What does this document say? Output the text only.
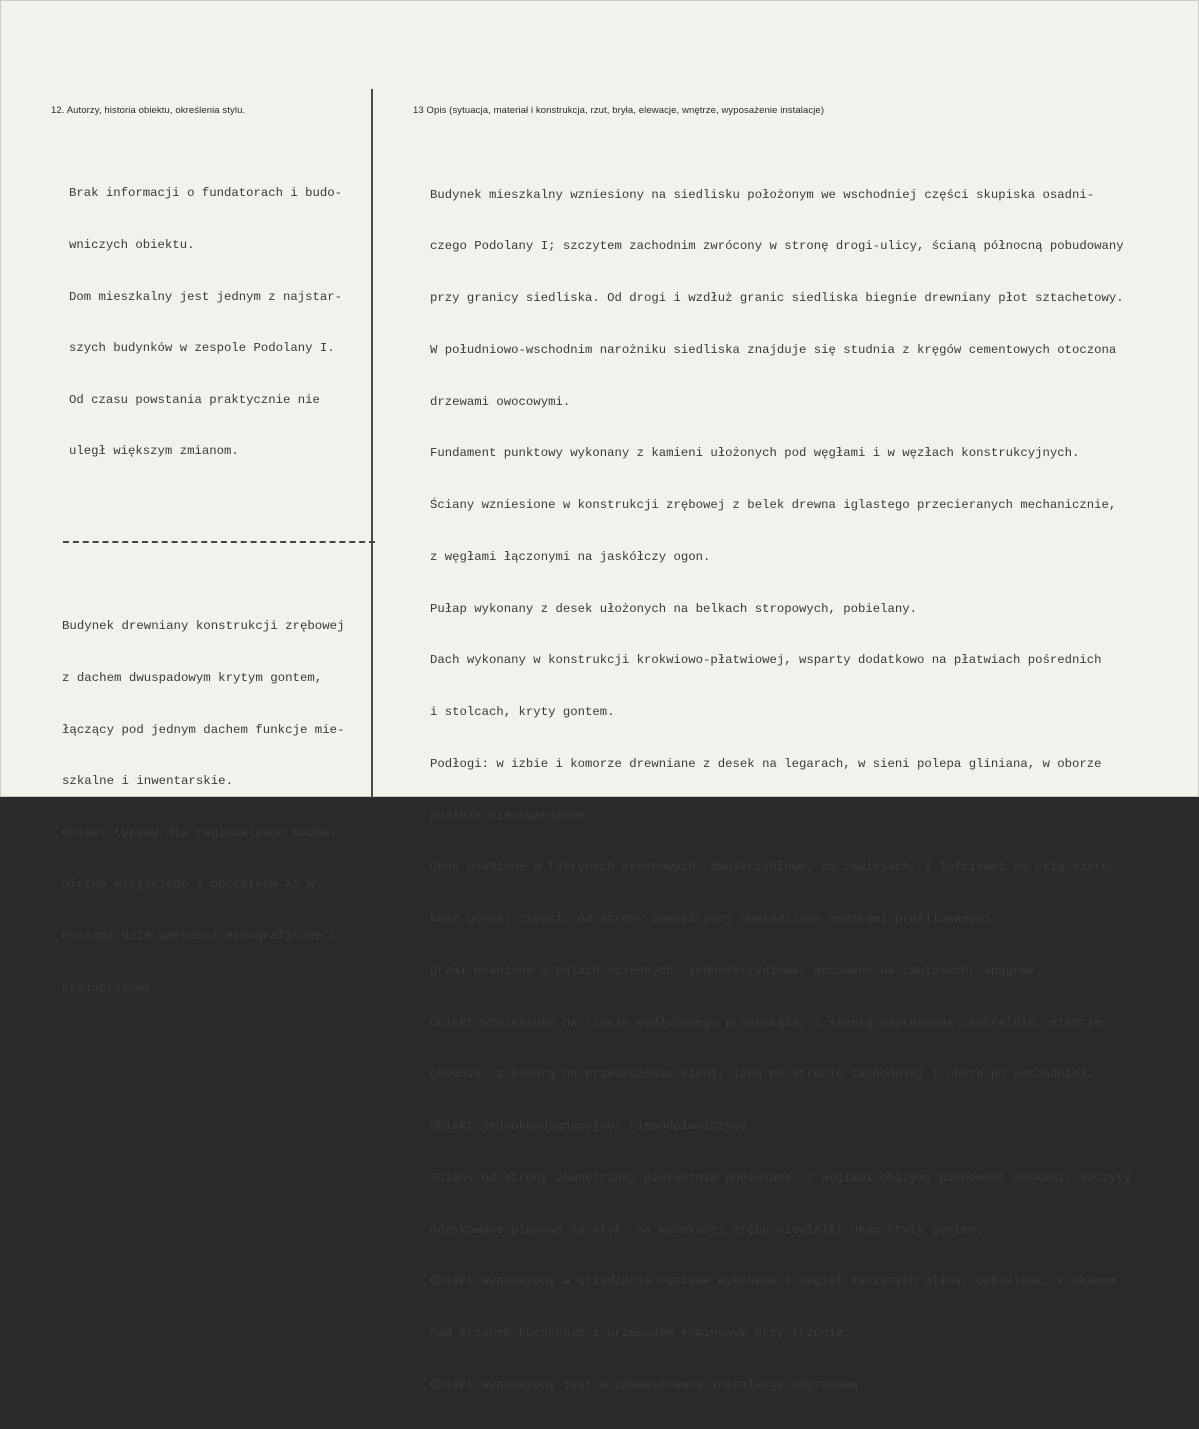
12. Autorzy, historia obiektu, określenia stylu.	13 Opis (sytuacja, materiał i konstrukcja, rzut, bryła, elewacje, wnętrze, wyposażenie instalacje)

Brak informacji o fundatorach i budo-

wniczych obiektu.

Dom mieszkalny jest jednym z najstar-

szych budynków w zespole Podolany I.

Od czasu powstania praktycznie nie

uległ większym zmianom.

Budynek drewniany konstrukcji zrębowej

z dachem dwuspadowym krytym gontem,

łączący pod jednym dachem funkcje mie-

szkalne i inwentarskie.

Obiekt typowy dla regionalnego budow-

nictwa wiejskiego z początków XX w.

Posiada duże wartości etnograficzne i

krajobrazowe.

Budynek mieszkalny wzniesiony na siedlisku położonym we wschodniej części skupiska osadni-

czego Podolany I; szczytem zachodnim zwrócony w stronę drogi-ulicy, ścianą północną pobudowany

przy granicy siedliska. Od drogi i wzdłuż granic siedliska biegnie drewniany płot sztachetowy.

W południowo-wschodnim narożniku siedliska znajduje się studnia z kręgów cementowych otoczona

drzewami owocowymi.

Fundament punktowy wykonany z kamieni ułożonych pod węgłami i w węzłach konstrukcyjnych.

Ściany wzniesione w konstrukcji zrębowej z belek drewna iglastego przecieranych mechanicznie,

z węgłami łączonymi na jaskółczy ogon.

Pułap wykonany z desek ułożonych na belkach stropowych, pobielany.

Dach wykonany w konstrukcji krokwiowo-płatwiowej, wsparty dodatkowo na płatwiach pośrednich

i stolcach, kryty gontem.

Podłogi: w izbie i komorze drewniane z desek na legarach, w sieni polepa gliniana, w oborze

podłoże nieutwardzane.

Okna osadzone w futrynach krosnowych, dwuskrzydłowe, na zawiasach, z lufcikami na całą szero-

kość górnej części, od strony zewnętrznej obwiedzione opaskami profilowanymi.

Drzwi osadzone w balach ściennych, jednoskrzydłowe, mocowane na zawiasach, spągowe.

Obiekt wzniesiony na rzucie wydłużonego prostokąta, z sienią usytuowaną centralnie, nieprze-

chodnią, z komorą na przedłużeniu sieni, izbą po stronie zachodniej i oborą po wschodniej.

Obiekt jednokondygnacyjny, niepodpiwniczony.

Ściany od strony zewnętrznej pierwotnie pobielane, z węgłami obitymi pionowymi deskami, szczyty

odeskowane pionowo na styk, na wysokości zrębu niewielki okap kryty gontem.

Obiekt wyposażony w urządzenia ogniowe wykonane z cegieł łączonych gliną, pobielane, z okapem

nad trzonem kuchennym i przewodem kominowym przy trzonie.

Obiekt wyposażony jest w zdewastowaną instalację odgromową.
